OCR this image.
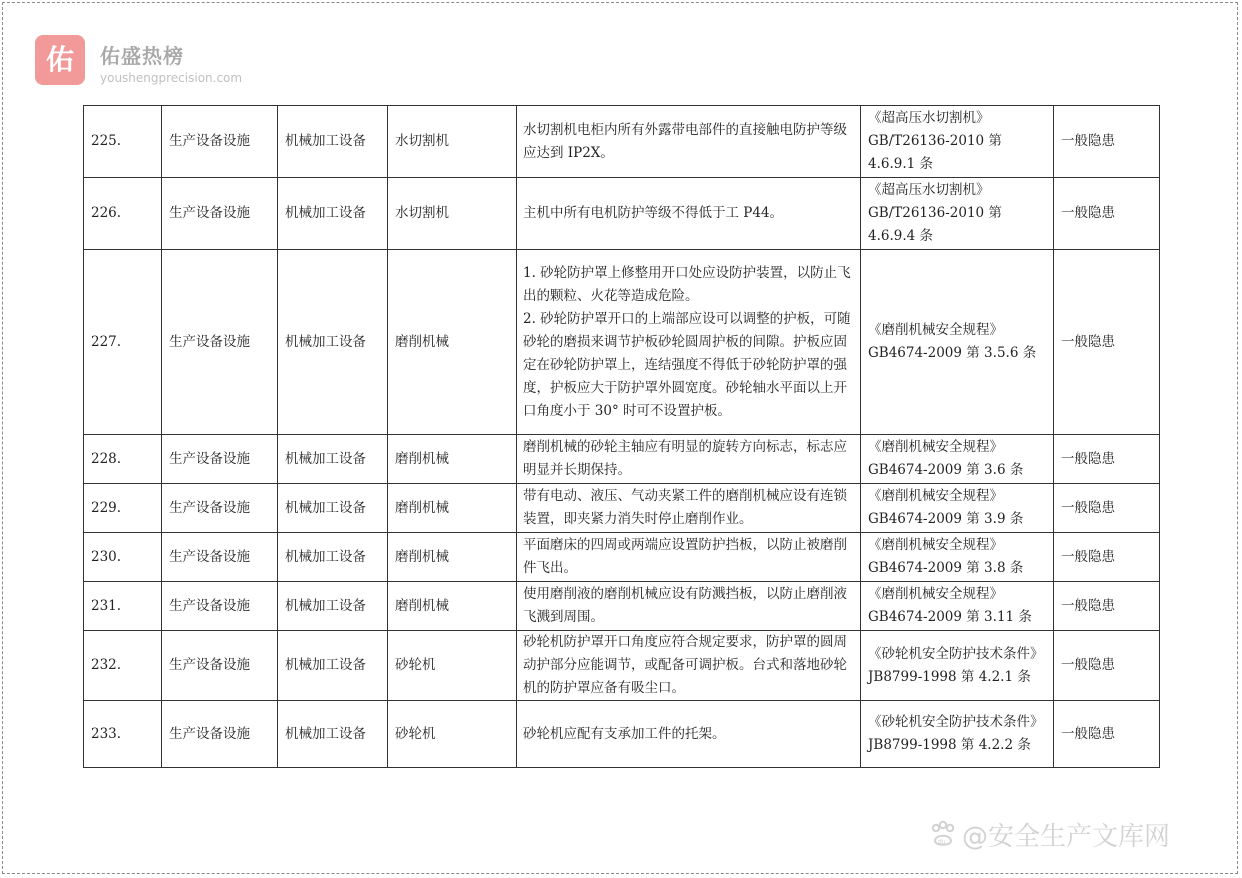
佑	佑盛热榜
youshengprecision.com
225.	生产设备设施	机械加工设备	水切割机	水切割机电柜内所有外露带电部件的直接触电防护等级应达到 IP2X。	《超高压水切割机》GB/T26136-2010 第 4.6.9.1 条	一般隐患
226.	生产设备设施	机械加工设备	水切割机	主机中所有电机防护等级不得低于工 P44。	《超高压水切割机》GB/T26136-2010 第 4.6.9.4 条	一般隐患
227.	生产设备设施	机械加工设备	磨削机械	1. 砂轮防护罩上修整用开口处应设防护装置，以防止飞出的颗粒、火花等造成危险。
2. 砂轮防护罩开口的上端部应设可以调整的护板，可随砂轮的磨损来调节护板砂轮圆周护板的间隙。护板应固定在砂轮防护罩上，连结强度不得低于砂轮防护罩的强度，护板应大于防护罩外圆宽度。砂轮轴水平面以上开口角度小于 30° 时可不设置护板。	《磨削机械安全规程》GB4674-2009 第 3.5.6 条	一般隐患
228.	生产设备设施	机械加工设备	磨削机械	磨削机械的砂轮主轴应有明显的旋转方向标志，标志应明显并长期保持。	《磨削机械安全规程》GB4674-2009 第 3.6 条	一般隐患
229.	生产设备设施	机械加工设备	磨削机械	带有电动、液压、气动夹紧工件的磨削机械应设有连锁装置，即夹紧力消失时停止磨削作业。	《磨削机械安全规程》GB4674-2009 第 3.9 条	一般隐患
230.	生产设备设施	机械加工设备	磨削机械	平面磨床的四周或两端应设置防护挡板，以防止被磨削件飞出。	《磨削机械安全规程》GB4674-2009 第 3.8 条	一般隐患
231.	生产设备设施	机械加工设备	磨削机械	使用磨削液的磨削机械应设有防溅挡板，以防止磨削液飞溅到周围。	《磨削机械安全规程》GB4674-2009 第 3.11 条	一般隐患
232.	生产设备设施	机械加工设备	砂轮机	砂轮机防护罩开口角度应符合规定要求，防护罩的圆周动护部分应能调节，或配备可调护板。台式和落地砂轮机的防护罩应备有吸尘口。	《砂轮机安全防护技术条件》JB8799-1998 第 4.2.1 条	一般隐患
233.	生产设备设施	机械加工设备	砂轮机	砂轮机应配有支承加工件的托架。	《砂轮机安全防护技术条件》JB8799-1998 第 4.2.2 条	一般隐患
du @安全生产文库网
